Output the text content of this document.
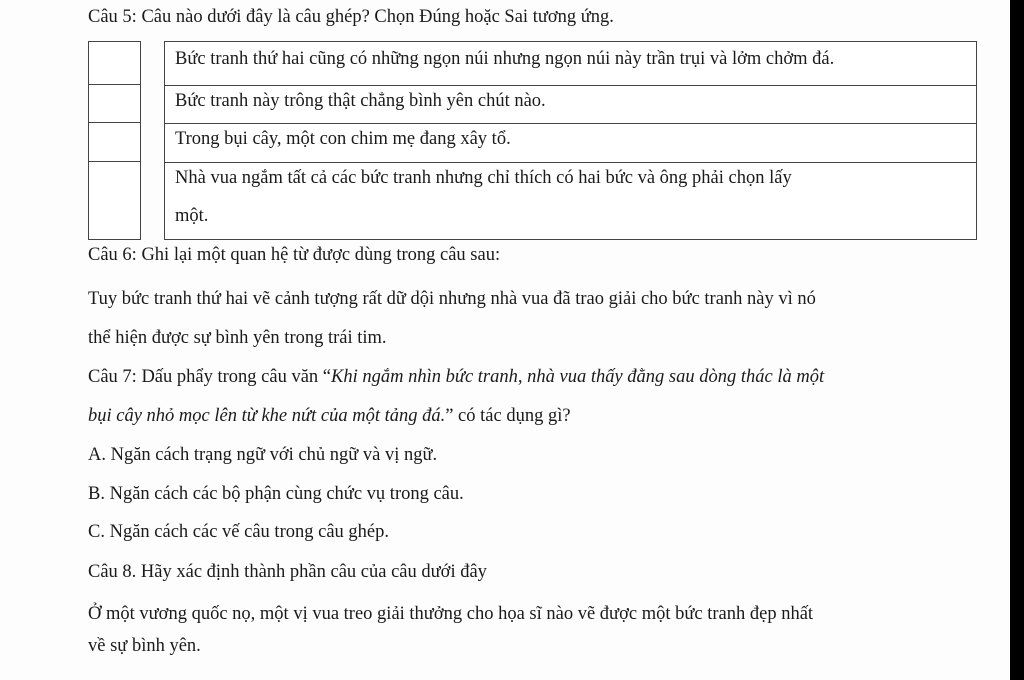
Câu 5: Câu nào dưới đây là câu ghép? Chọn Đúng hoặc Sai tương ứng.
Bức tranh thứ hai cũng có những ngọn núi nhưng ngọn núi này trần trụi và lởm chởm đá.
Bức tranh này trông thật chẳng bình yên chút nào.
Trong bụi cây, một con chim mẹ đang xây tổ.
Nhà vua ngắm tất cả các bức tranh nhưng chỉ thích có hai bức và ông phải chọn lấy
một.
Câu 6: Ghi lại một quan hệ từ được dùng trong câu sau:
Tuy bức tranh thứ hai vẽ cảnh tượng rất dữ dội nhưng nhà vua đã trao giải cho bức tranh này vì nó
thể hiện được sự bình yên trong trái tim.
Câu 7: Dấu phẩy trong câu văn “Khi ngắm nhìn bức tranh, nhà vua thấy đằng sau dòng thác là một
bụi cây nhỏ mọc lên từ khe nứt của một tảng đá.” có tác dụng gì?
A. Ngăn cách trạng ngữ với chủ ngữ và vị ngữ.
B. Ngăn cách các bộ phận cùng chức vụ trong câu.
C. Ngăn cách các vế câu trong câu ghép.
Câu 8. Hãy xác định thành phần câu của câu dưới đây
Ở một vương quốc nọ, một vị vua treo giải thưởng cho họa sĩ nào vẽ được một bức tranh đẹp nhất
về sự bình yên.
